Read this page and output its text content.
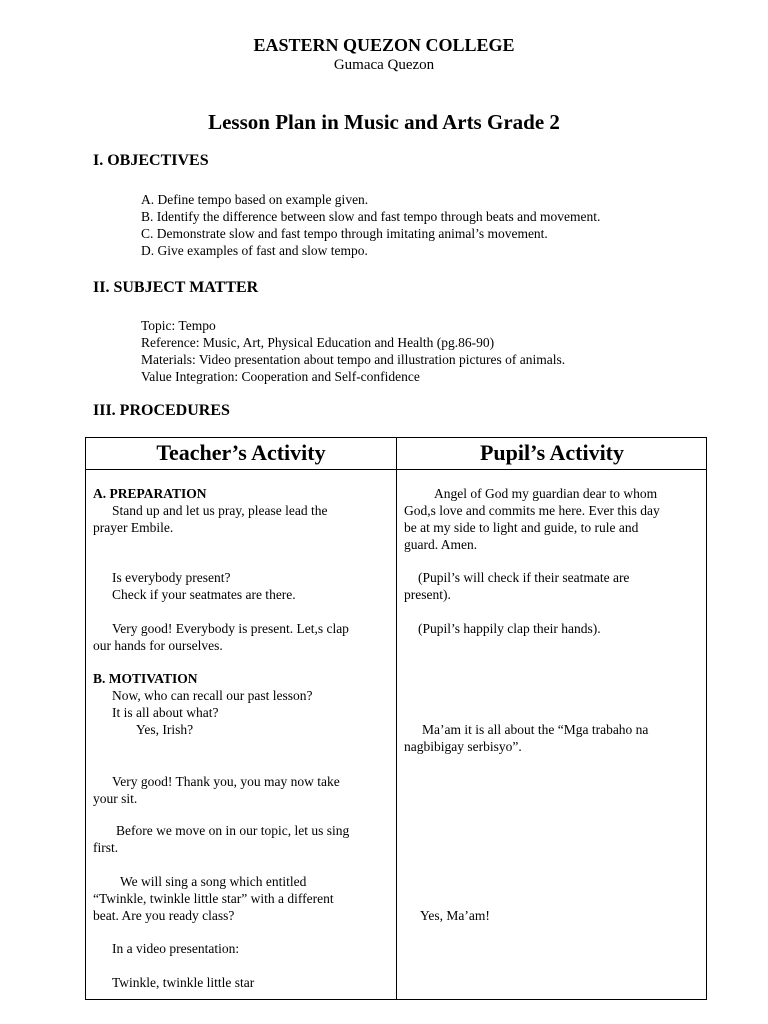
EASTERN QUEZON COLLEGE
Gumaca Quezon
Lesson Plan in Music and Arts Grade 2
I. OBJECTIVES
A. Define tempo based on example given.
B. Identify the difference between slow and fast tempo through beats and movement.
C. Demonstrate slow and fast tempo through imitating animal’s movement.
D. Give examples of fast and slow tempo.
II. SUBJECT MATTER
Topic: Tempo
Reference: Music, Art, Physical Education and Health (pg.86-90)
Materials: Video presentation about tempo and illustration pictures of animals.
Value Integration: Cooperation and Self-confidence
III. PROCEDURES
Teacher’s Activity	Pupil’s Activity
A. PREPARATION
Stand up and let us pray, please lead the
prayer Embile.
Is everybody present?
Check if your seatmates are there.
Very good! Everybody is present. Let,s clap
our hands for ourselves.
B. MOTIVATION
Now, who can recall our past lesson?
It is all about what?
Yes, Irish?
Very good! Thank you, you may now take
your sit.
Before we move on in our topic, let us sing
first.
We will sing a song which entitled
“Twinkle, twinkle little star” with a different
beat. Are you ready class?
In a video presentation:
Twinkle, twinkle little star
Angel of God my guardian dear to whom
God,s love and commits me here. Ever this day
be at my side to light and guide, to rule and
guard. Amen.
(Pupil’s will check if their seatmate are
present).
(Pupil’s happily clap their hands).
Ma’am it is all about the “Mga trabaho na
nagbibigay serbisyo”.
Yes, Ma’am!
